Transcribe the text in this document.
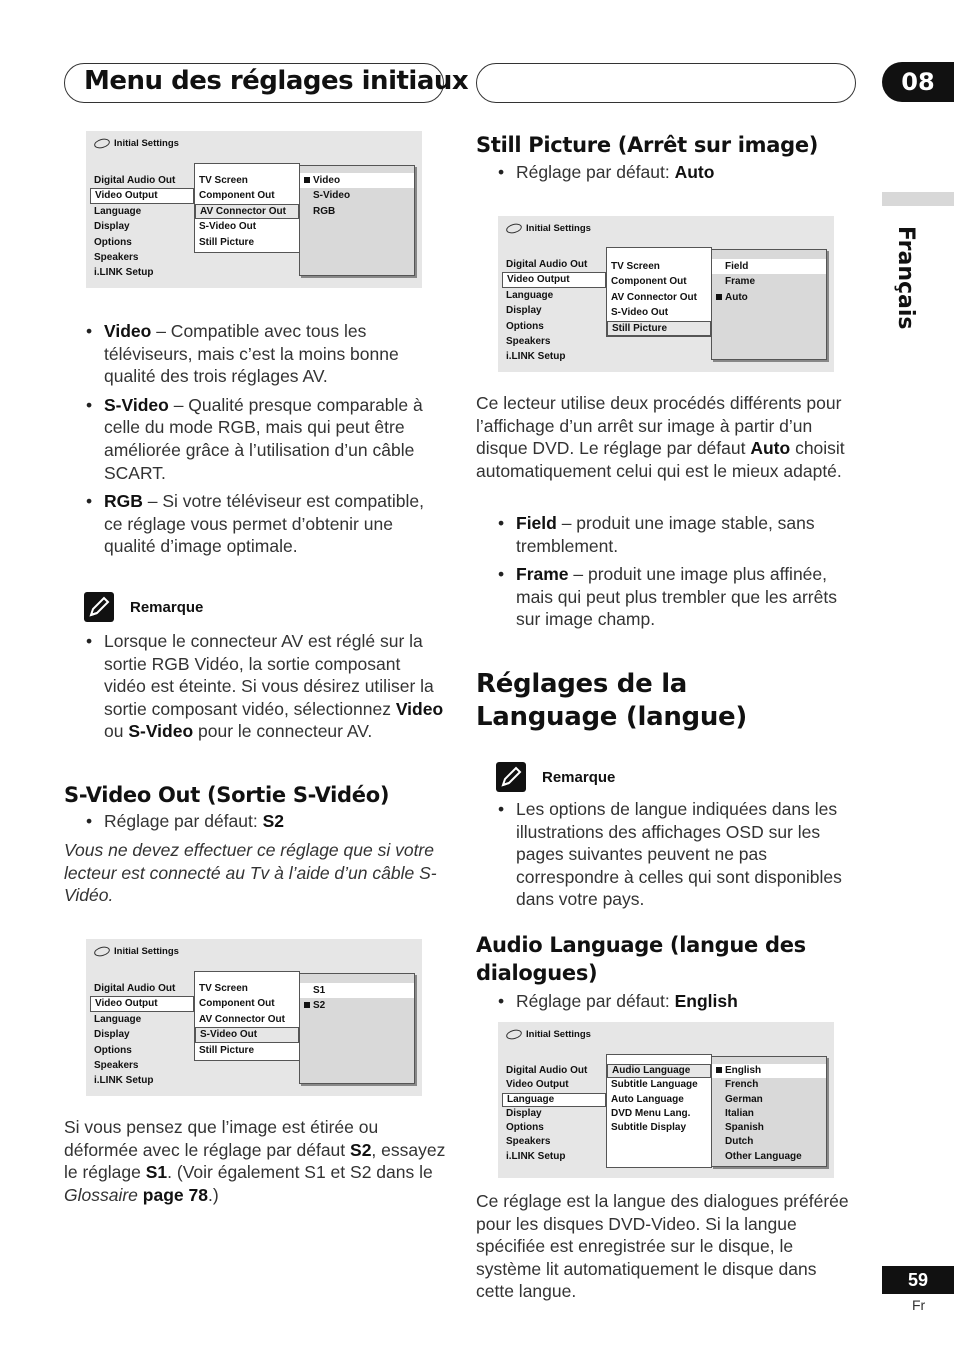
Menu des réglages initiaux	08
Français
Initial Settings
Digital Audio Out
Video Output
Language
Display
Options
Speakers
i.LINK Setup
TV Screen
Component Out
AV Connector Out
S-Video Out
Still Picture
Video
S-Video
RGB
• Video – Compatible avec tous les téléviseurs, mais c’est la moins bonne qualité des trois réglages AV.
• S-Video – Qualité presque comparable à celle du mode RGB, mais qui peut être améliorée grâce à l’utilisation d’un câble SCART.
• RGB – Si votre téléviseur est compatible, ce réglage vous permet d’obtenir une qualité d’image optimale.
Remarque
• Lorsque le connecteur AV est réglé sur la sortie RGB Vidéo, la sortie composant vidéo est éteinte. Si vous désirez utiliser la sortie composant vidéo, sélectionnez Video ou S-Video pour le connecteur AV.
S-Video Out (Sortie S-Vidéo)
• Réglage par défaut: S2
Vous ne devez effectuer ce réglage que si votre lecteur est connecté au Tv à l’aide d’un câble S-Vidéo.
Initial Settings
Digital Audio Out
Video Output
Language
Display
Options
Speakers
i.LINK Setup
TV Screen
Component Out
AV Connector Out
S-Video Out
Still Picture
S1
S2
Si vous pensez que l’image est étirée ou déformée avec le réglage par défaut S2, essayez le réglage S1. (Voir également S1 et S2 dans le Glossaire page 78.)
Still Picture (Arrêt sur image)
• Réglage par défaut: Auto
Initial Settings
Digital Audio Out
Video Output
Language
Display
Options
Speakers
i.LINK Setup
TV Screen
Component Out
AV Connector Out
S-Video Out
Still Picture
Field
Frame
Auto
Ce lecteur utilise deux procédés différents pour l’affichage d’un arrêt sur image à partir d’un disque DVD. Le réglage par défaut Auto choisit automatiquement celui qui est le mieux adapté.
• Field – produit une image stable, sans tremblement.
• Frame – produit une image plus affinée, mais qui peut plus trembler que les arrêts sur image champ.
Réglages de la Language (langue)
Remarque
• Les options de langue indiquées dans les illustrations des affichages OSD sur les pages suivantes peuvent ne pas correspondre à celles qui sont disponibles dans votre pays.
Audio Language (langue des dialogues)
• Réglage par défaut: English
Initial Settings
Digital Audio Out
Video Output
Language
Display
Options
Speakers
i.LINK Setup
Audio Language
Subtitle Language
Auto Language
DVD Menu Lang.
Subtitle Display
English
French
German
Italian
Spanish
Dutch
Other Language
Ce réglage est la langue des dialogues préférée pour les disques DVD-Video. Si la langue spécifiée est enregistrée sur le disque, le système lit automatiquement le disque dans cette langue.
59
Fr
